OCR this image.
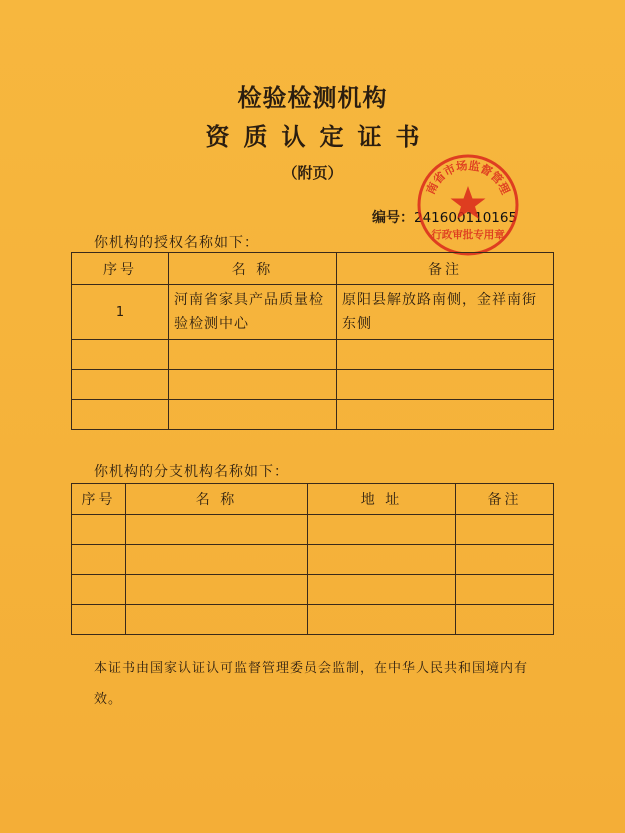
检验检测机构
资质认定证书
（附页）
编号：241600110165
南省市场监督管理
行政审批专用章
你机构的授权名称如下：
序号	名 称	备注
1	河南省家具产品质量检验检测中心	原阳县解放路南侧，金祥南街东侧

你机构的分支机构名称如下：
序号	名 称	地 址	备注

本证书由国家认证认可监督管理委员会监制，在中华人民共和国境内有效。
